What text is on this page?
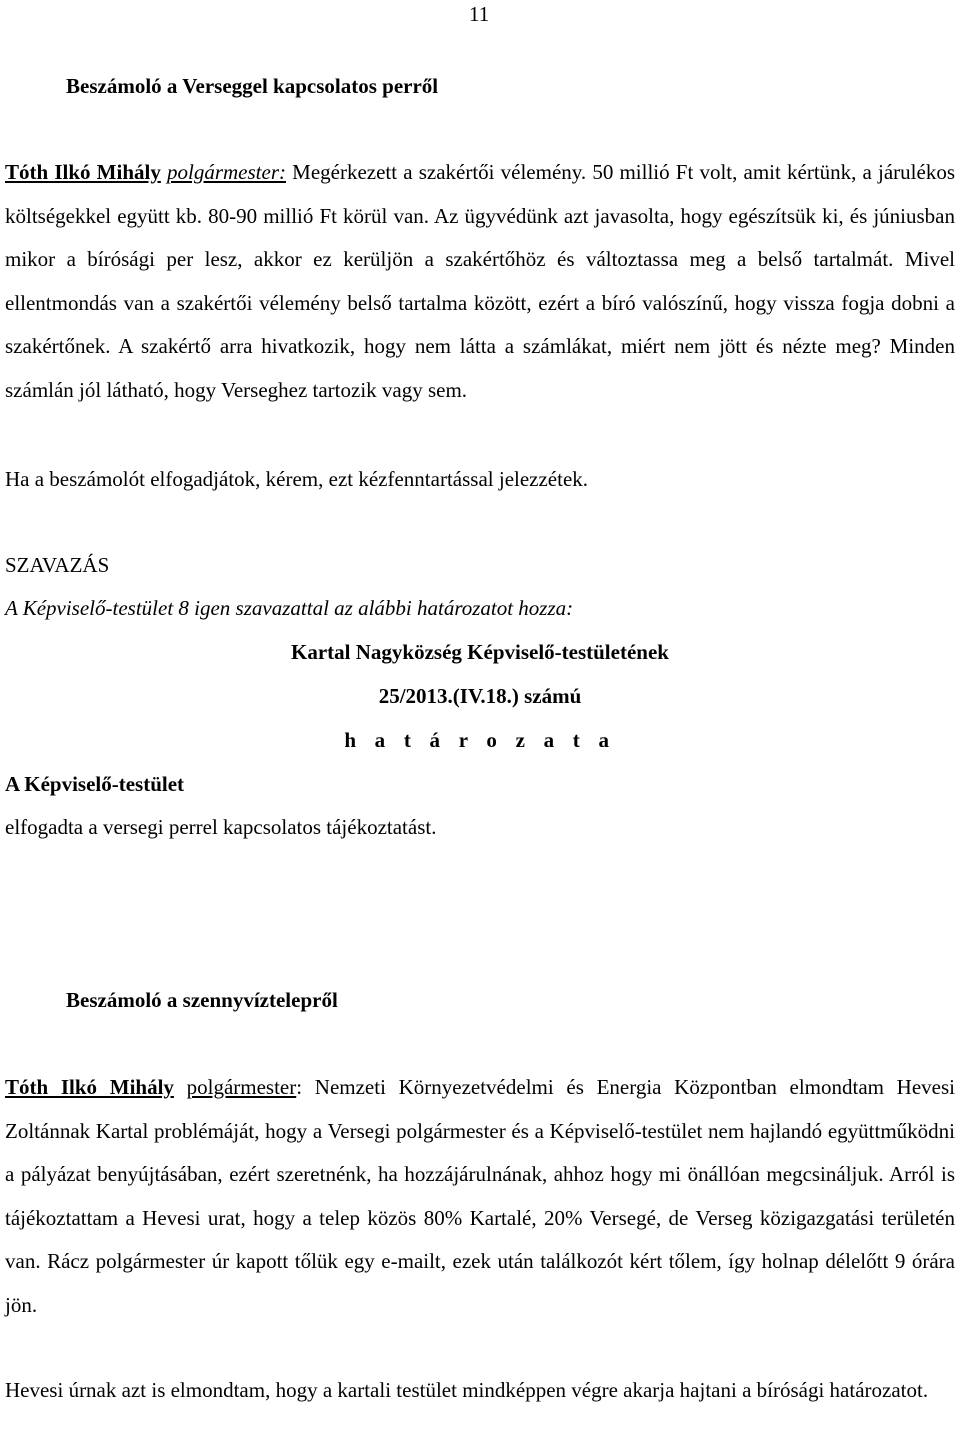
11
Beszámoló a Verseggel kapcsolatos perről

Tóth Ilkó Mihály polgármester: Megérkezett a szakértői vélemény. 50 millió Ft volt, amit kértünk, a járulékos költségekkel együtt kb. 80-90 millió Ft körül van. Az ügyvédünk azt javasolta, hogy egészítsük ki, és júniusban mikor a bírósági per lesz, akkor ez kerüljön a szakértőhöz és változtassa meg a belső tartalmát. Mivel ellentmondás van a szakértői vélemény belső tartalma között, ezért a bíró valószínű, hogy vissza fogja dobni a szakértőnek. A szakértő arra hivatkozik, hogy nem látta a számlákat, miért nem jött és nézte meg? Minden számlán jól látható, hogy Verseghez tartozik vagy sem.

Ha a beszámolót elfogadjátok, kérem, ezt kézfenntartással jelezzétek.
SZAVAZÁS
A Képviselő-testület 8 igen szavazattal az alábbi határozatot hozza:
Kartal Nagyközség Képviselő-testületének
25/2013.(IV.18.) számú
h a t á r o z a t a
A Képviselő-testület
elfogadta a versegi perrel kapcsolatos tájékoztatást.
Beszámoló a szennyvíztelepről

Tóth Ilkó Mihály polgármester: Nemzeti Környezetvédelmi és Energia Központban elmondtam Hevesi Zoltánnak Kartal problémáját, hogy a Versegi polgármester és a Képviselő-testület nem hajlandó együttműködni a pályázat benyújtásában, ezért szeretnénk, ha hozzájárulnának, ahhoz hogy mi önállóan megcsináljuk. Arról is tájékoztattam a Hevesi urat, hogy a telep közös 80% Kartalé, 20% Versegé, de Verseg közigazgatási területén van. Rácz polgármester úr kapott tőlük egy e-mailt, ezek után találkozót kért tőlem, így holnap délelőtt 9 órára jön.

Hevesi úrnak azt is elmondtam, hogy a kartali testület mindképpen végre akarja hajtani a bírósági határozatot.
